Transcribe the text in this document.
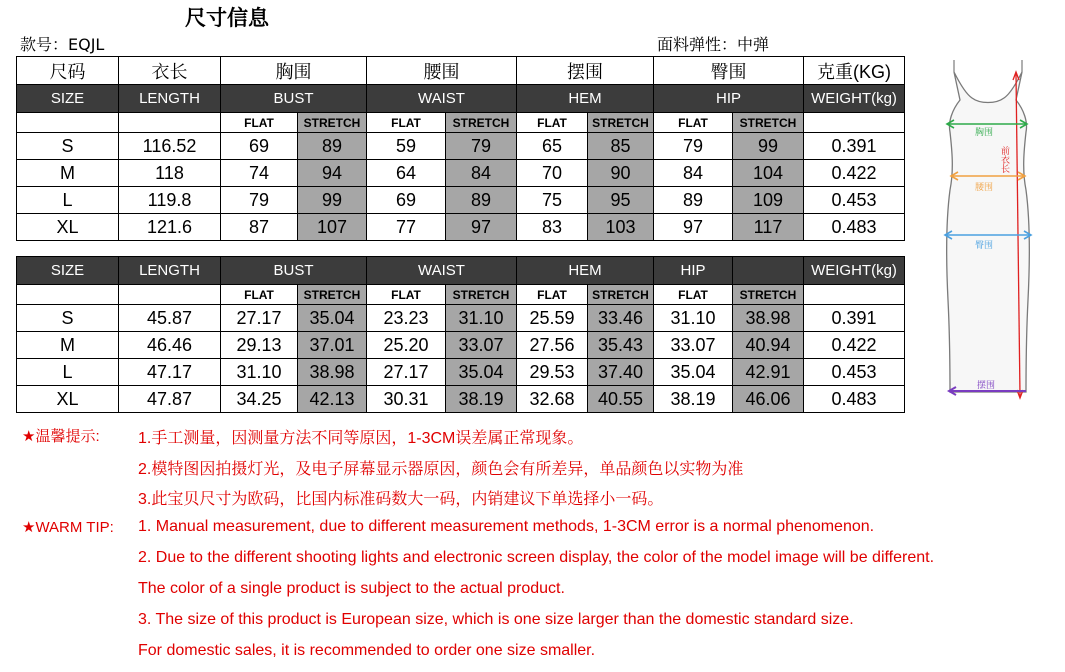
尺寸信息
款号：EQJL	面料弹性：中弹
尺码	衣长	胸围		腰围		摆围		臀围		克重(KG)
SIZE	LENGTH	BUST		WAIST		HEM		HIP		WEIGHT(kg)
		FLAT	STRETCH	FLAT	STRETCH	FLAT	STRETCH	FLAT	STRETCH	
S	116.52	69	89	59	79	65	85	79	99	0.391
M	118	74	94	64	84	70	90	84	104	0.422
L	119.8	79	99	69	89	75	95	89	109	0.453
XL	121.6	87	107	77	97	83	103	97	117	0.483
SIZE	LENGTH	BUST		WAIST		HEM		HIP		WEIGHT(kg)
		FLAT	STRETCH	FLAT	STRETCH	FLAT	STRETCH	FLAT	STRETCH	
S	45.87	27.17	35.04	23.23	31.10	25.59	33.46	31.10	38.98	0.391
M	46.46	29.13	37.01	25.20	33.07	27.56	35.43	33.07	40.94	0.422
L	47.17	31.10	38.98	27.17	35.04	29.53	37.40	35.04	42.91	0.453
XL	47.87	34.25	42.13	30.31	38.19	32.68	40.55	38.19	46.06	0.483
前衣长
胸围
腰围
臀围
摆围
★温馨提示: 1.手工测量，因测量方法不同等原因，1-3CM误差属正常现象。
2.模特图因拍摄灯光，及电子屏幕显示器原因，颜色会有所差异，单品颜色以实物为准
3.此宝贝尺寸为欧码，比国内标准码数大一码，内销建议下单选择小一码。
★WARM TIP: 1. Manual measurement, due to different measurement methods, 1-3CM error is a normal phenomenon.
2. Due to the different shooting lights and electronic screen display, the color of the model image will be different.
The color of a single product is subject to the actual product.
3. The size of this product is European size, which is one size larger than the domestic standard size.
For domestic sales, it is recommended to order one size smaller.
